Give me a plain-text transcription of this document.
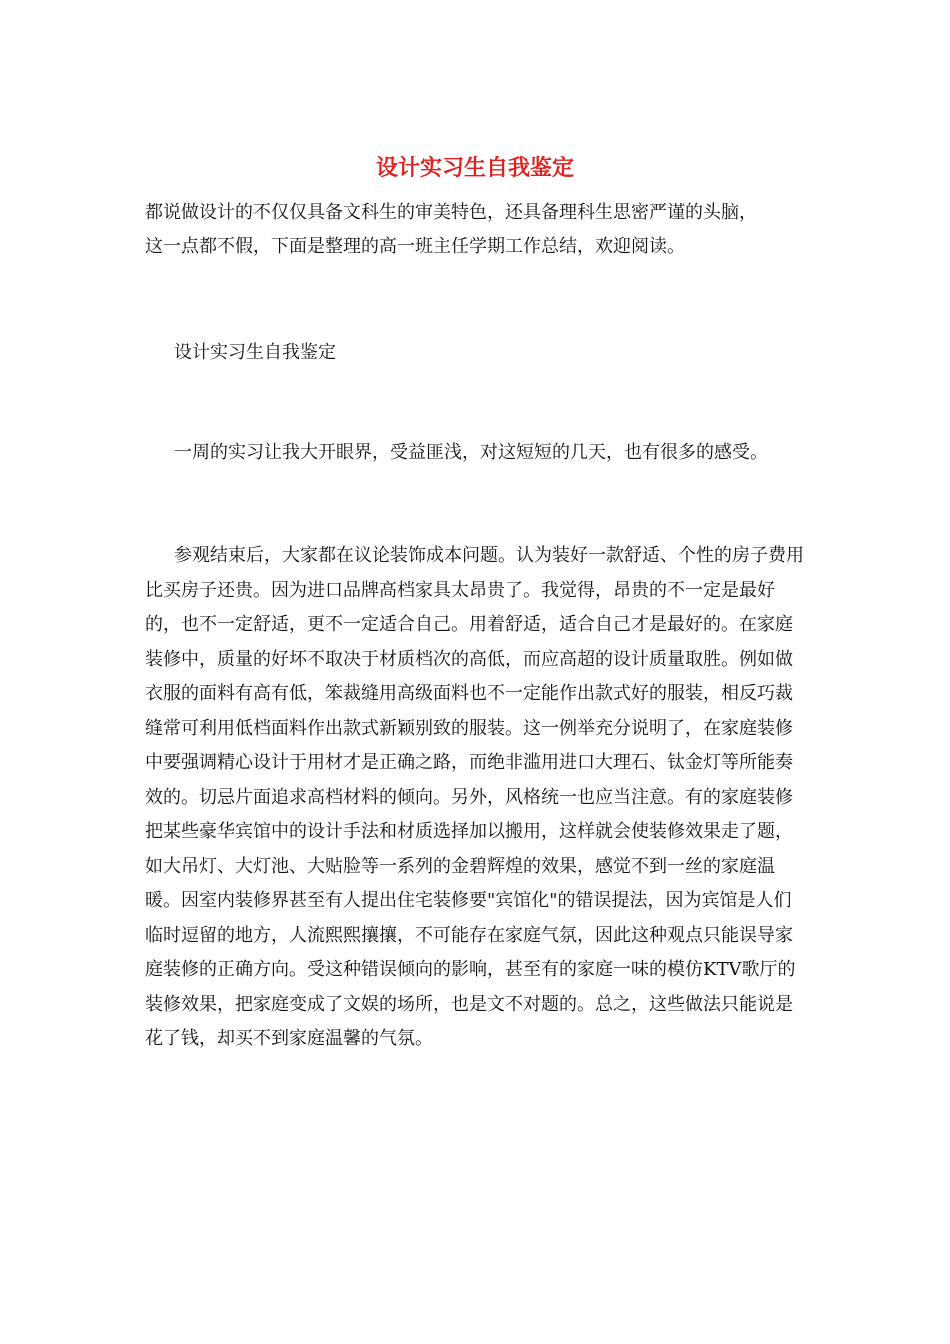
设计实习生自我鉴定

都说做设计的不仅仅具备文科生的审美特色，还具备理科生思密严谨的头脑，

这一点都不假，下面是整理的高一班主任学期工作总结，欢迎阅读。

设计实习生自我鉴定
一周的实习让我大开眼界，受益匪浅，对这短短的几天，也有很多的感受。
参观结束后，大家都在议论装饰成本问题。认为装好一款舒适、个性的房子费用比买房子还贵。因为进口品牌高档家具太昂贵了。我觉得，昂贵的不一定是最好的，也不一定舒适，更不一定适合自己。用着舒适，适合自己才是最好的。在家庭装修中，质量的好坏不取决于材质档次的高低，而应高超的设计质量取胜。例如做衣服的面料有高有低，笨裁缝用高级面料也不一定能作出款式好的服装，相反巧裁缝常可利用低档面料作出款式新颖别致的服装。这一例举充分说明了，在家庭装修中要强调精心设计于用材才是正确之路，而绝非滥用进口大理石、钛金灯等所能奏效的。切忌片面追求高档材料的倾向。另外，风格统一也应当注意。有的家庭装修把某些豪华宾馆中的设计手法和材质选择加以搬用，这样就会使装修效果走了题，如大吊灯、大灯池、大贴脸等一系列的金碧辉煌的效果，感觉不到一丝的家庭温暖。因室内装修界甚至有人提出住宅装修要"宾馆化"的错误提法，因为宾馆是人们临时逗留的地方，人流熙熙攘攘，不可能存在家庭气氛，因此这种观点只能误导家庭装修的正确方向。受这种错误倾向的影响，甚至有的家庭一味的模仿KTV歌厅的装修效果，把家庭变成了文娱的场所，也是文不对题的。总之，这些做法只能说是花了钱，却买不到家庭温馨的气氛。
